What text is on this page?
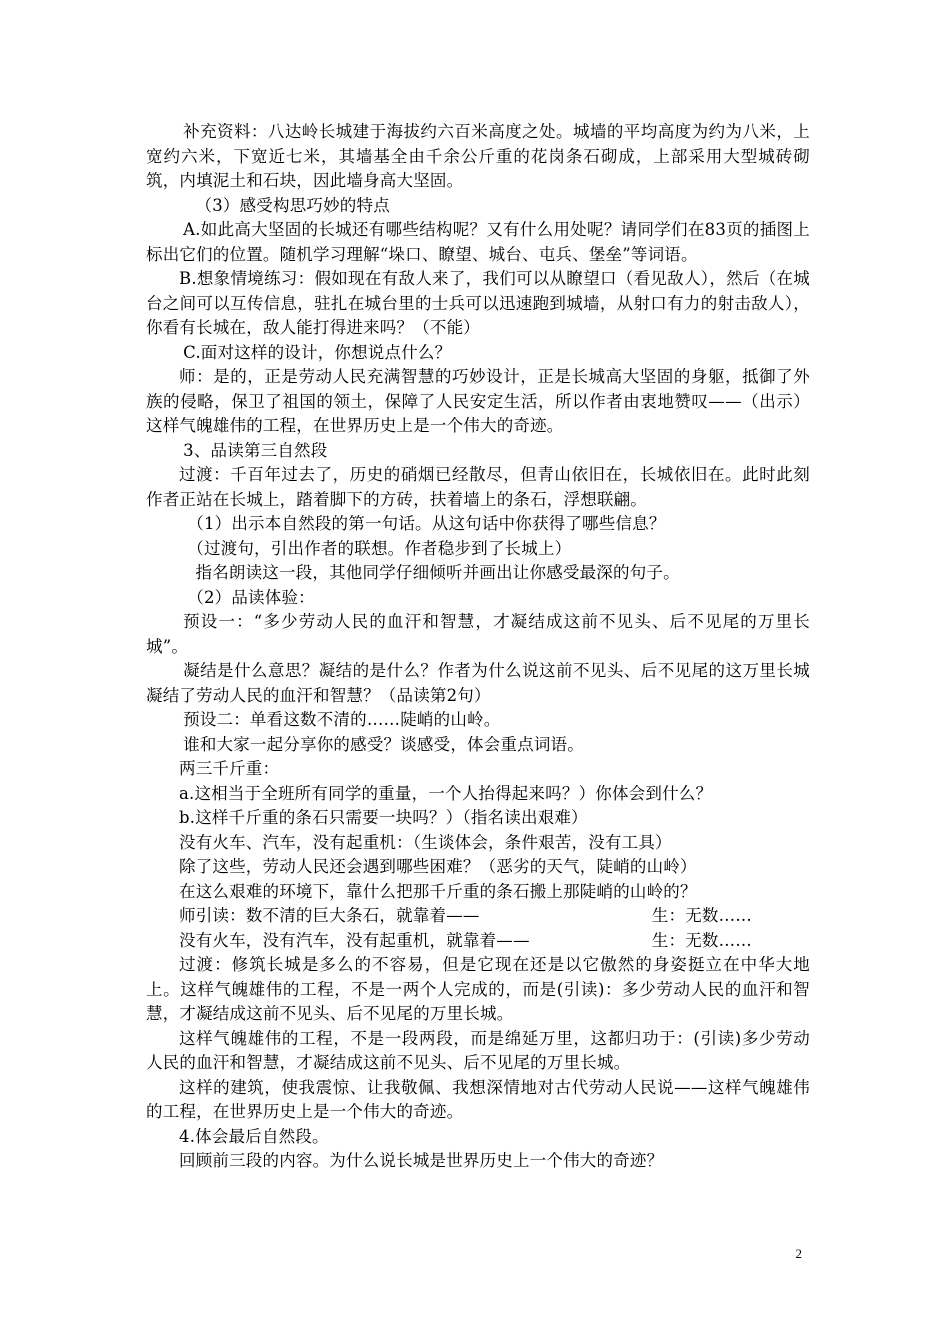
补充资料：八达岭长城建于海拔约六百米高度之处。城墙的平均高度为约为八米，上宽约六米，下宽近七米，其墙基全由千余公斤重的花岗条石砌成，上部采用大型城砖砌筑，内填泥土和石块，因此墙身高大坚固。

（3）感受构思巧妙的特点

A.如此高大坚固的长城还有哪些结构呢？又有什么用处呢？请同学们在83页的插图上标出它们的位置。随机学习理解“垛口、瞭望、城台、屯兵、堡垒”等词语。

B.想象情境练习：假如现在有敌人来了，我们可以从瞭望口（看见敌人），然后（在城台之间可以互传信息，驻扎在城台里的士兵可以迅速跑到城墙，从射口有力的射击敌人），你看有长城在，敌人能打得进来吗？（不能）

C.面对这样的设计，你想说点什么？

师：是的，正是劳动人民充满智慧的巧妙设计，正是长城高大坚固的身躯，抵御了外族的侵略，保卫了祖国的领土，保障了人民安定生活，所以作者由衷地赞叹——（出示）这样气魄雄伟的工程，在世界历史上是一个伟大的奇迹。

3、品读第三自然段

过渡：千百年过去了，历史的硝烟已经散尽，但青山依旧在，长城依旧在。此时此刻作者正站在长城上，踏着脚下的方砖，扶着墙上的条石，浮想联翩。

（1）出示本自然段的第一句话。从这句话中你获得了哪些信息？

（过渡句，引出作者的联想。作者稳步到了长城上）

指名朗读这一段，其他同学仔细倾听并画出让你感受最深的句子。

（2）品读体验：

预设一：“多少劳动人民的血汗和智慧，才凝结成这前不见头、后不见尾的万里长城”。

凝结是什么意思？凝结的是什么？作者为什么说这前不见头、后不见尾的这万里长城凝结了劳动人民的血汗和智慧？（品读第2句）

预设二：单看这数不清的……陡峭的山岭。

谁和大家一起分享你的感受？谈感受，体会重点词语。

两三千斤重：

a.这相当于全班所有同学的重量，一个人抬得起来吗？）你体会到什么？

b.这样千斤重的条石只需要一块吗？）（指名读出艰难）

没有火车、汽车，没有起重机：（生谈体会，条件艰苦，没有工具）

除了这些，劳动人民还会遇到哪些困难？（恶劣的天气，陡峭的山岭）

在这么艰难的环境下，靠什么把那千斤重的条石搬上那陡峭的山岭的？

师引读：数不清的巨大条石，就靠着——	生：无数……
没有火车，没有汽车，没有起重机，就靠着——	生：无数……

过渡：修筑长城是多么的不容易，但是它现在还是以它傲然的身姿挺立在中华大地上。这样气魄雄伟的工程，不是一两个人完成的，而是(引读)：多少劳动人民的血汗和智慧，才凝结成这前不见头、后不见尾的万里长城。

这样气魄雄伟的工程，不是一段两段，而是绵延万里，这都归功于：(引读)多少劳动人民的血汗和智慧，才凝结成这前不见头、后不见尾的万里长城。

这样的建筑，使我震惊、让我敬佩、我想深情地对古代劳动人民说——这样气魄雄伟的工程，在世界历史上是一个伟大的奇迹。

4.体会最后自然段。

回顾前三段的内容。为什么说长城是世界历史上一个伟大的奇迹？

2
